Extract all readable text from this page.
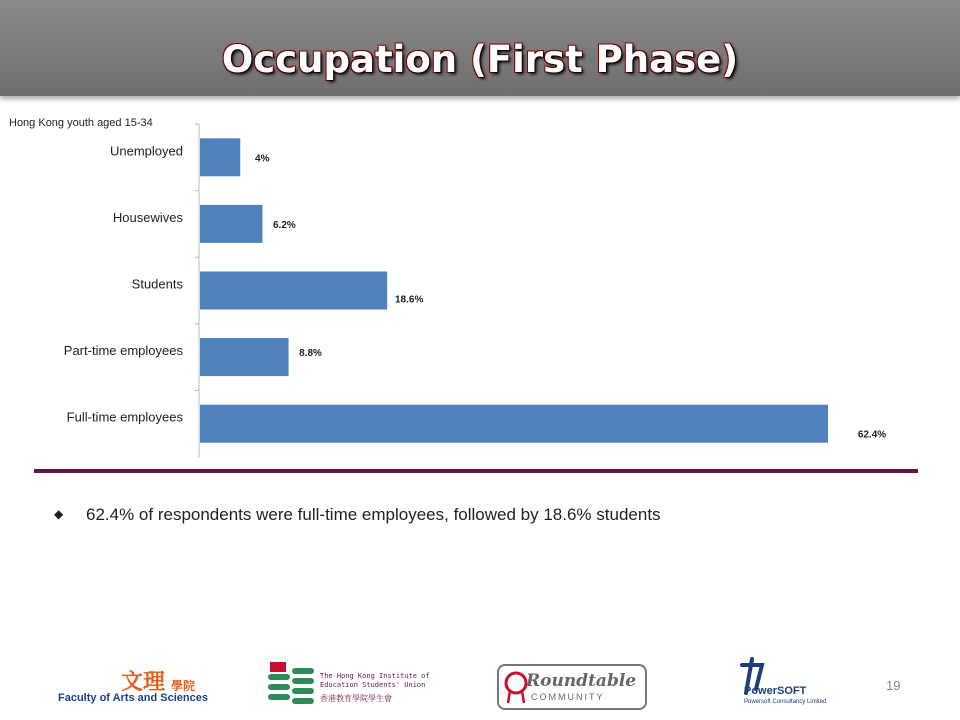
Occupation (First Phase)
Hong Kong youth aged 15-34
Unemployed
4%
Housewives
6.2%
Students
18.6%
Part-time employees	8.8%
Full-time employees
62.4%
◆ 62.4% of respondents were full-time employees, followed by 18.6% students
文理 學院
Faculty of Arts and Sciences
The Hong Kong Institute of
Education Students' Union
香港教育學院學生會
Roundtable
COMMUNITY	PowerSOFT
Powersoft Consultancy Limited
19
